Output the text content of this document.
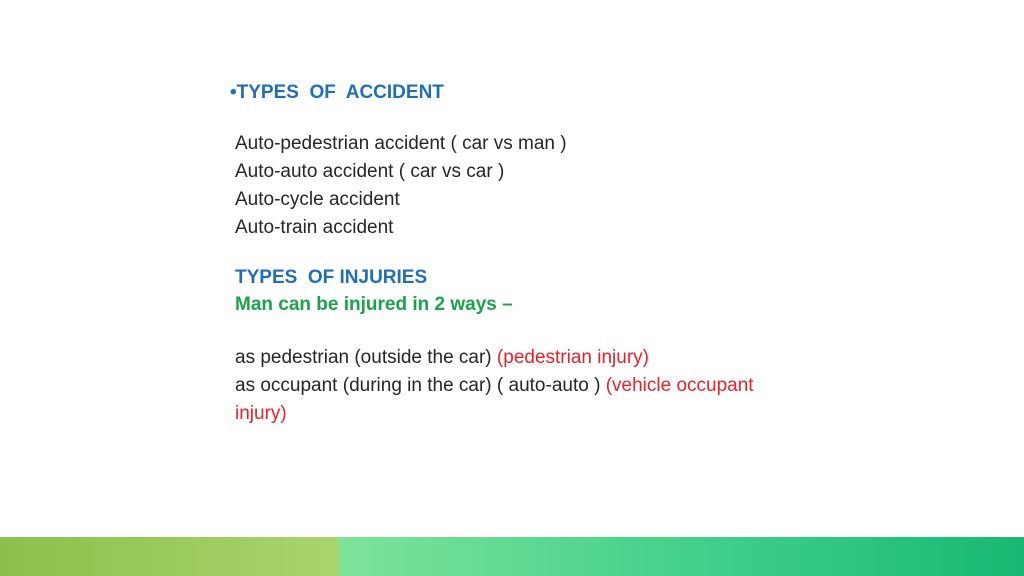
•TYPES  OF  ACCIDENT
Auto-pedestrian accident ( car vs man )
Auto-auto accident ( car vs car )
Auto-cycle accident
Auto-train accident
TYPES  OF INJURIES
Man can be injured in 2 ways –
as pedestrian (outside the car) (pedestrian injury)
as occupant (during in the car) ( auto-auto ) (vehicle occupant injury)
